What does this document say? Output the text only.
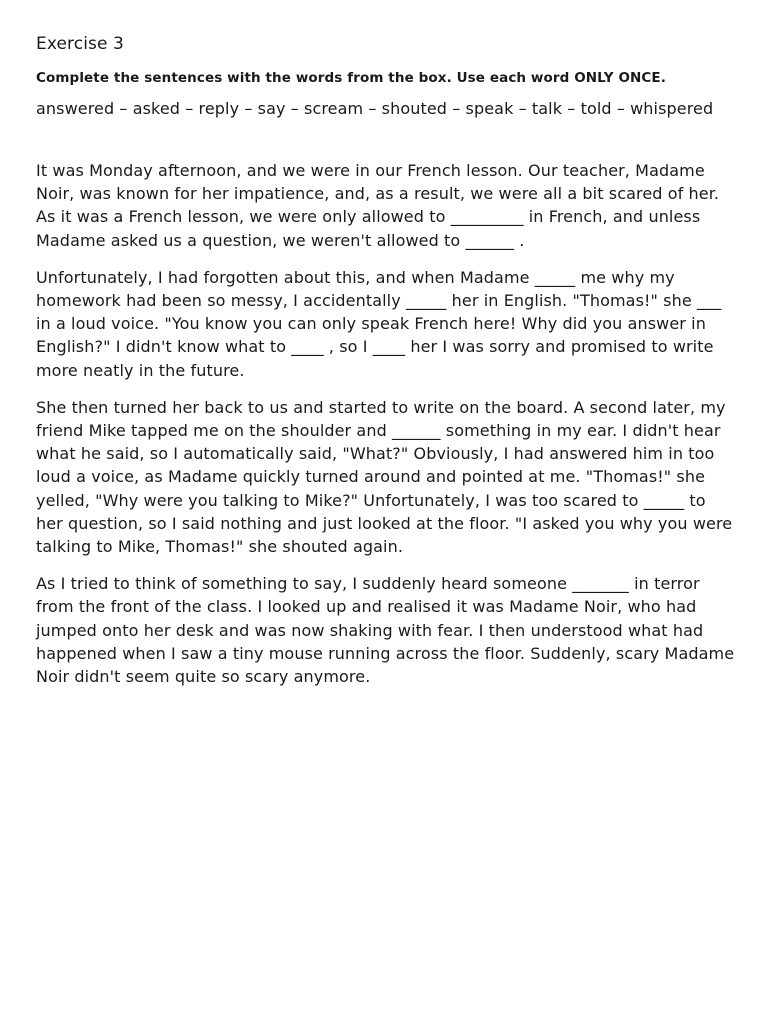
Exercise 3
Complete the sentences with the words from the box. Use each word ONLY ONCE.
answered – asked – reply – say – scream – shouted – speak – talk – told – whispered

It was Monday afternoon, and we were in our French lesson. Our teacher, Madame Noir, was known for her impatience, and, as a result, we were all a bit scared of her. As it was a French lesson, we were only allowed to _________ in French, and unless Madame asked us a question, we weren't allowed to ______ .

Unfortunately, I had forgotten about this, and when Madame _____ me why my homework had been so messy, I accidentally _____ her in English. "Thomas!" she ___ in a loud voice. "You know you can only speak French here! Why did you answer in English?" I didn't know what to ____ , so I ____ her I was sorry and promised to write more neatly in the future.

She then turned her back to us and started to write on the board. A second later, my friend Mike tapped me on the shoulder and ______ something in my ear. I didn't hear what he said, so I automatically said, "What?" Obviously, I had answered him in too loud a voice, as Madame quickly turned around and pointed at me. "Thomas!" she yelled, "Why were you talking to Mike?" Unfortunately, I was too scared to _____ to her question, so I said nothing and just looked at the floor. "I asked you why you were talking to Mike, Thomas!" she shouted again.

As I tried to think of something to say, I suddenly heard someone _______ in terror from the front of the class. I looked up and realised it was Madame Noir, who had jumped onto her desk and was now shaking with fear. I then understood what had happened when I saw a tiny mouse running across the floor. Suddenly, scary Madame Noir didn't seem quite so scary anymore.
